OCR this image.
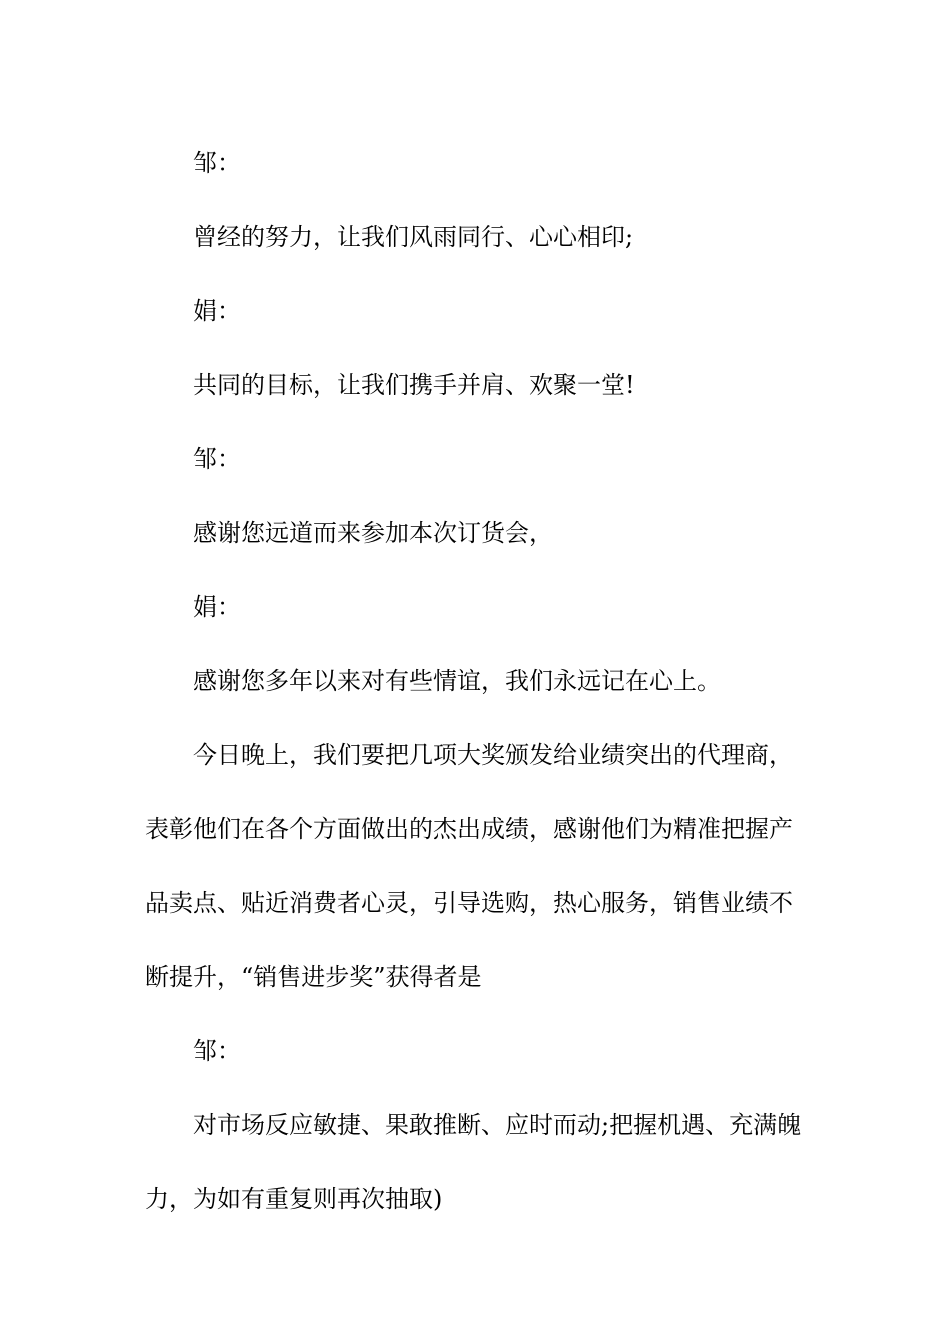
邹：

曾经的努力，让我们风雨同行、心心相印;

娟：

共同的目标，让我们携手并肩、欢聚一堂!

邹：

感谢您远道而来参加本次订货会，

娟：

感谢您多年以来对有些情谊，我们永远记在心上。

今日晚上，我们要把几项大奖颁发给业绩突出的代理商，表彰他们在各个方面做出的杰出成绩，感谢他们为精准把握产品卖点、贴近消费者心灵，引导选购，热心服务，销售业绩不断提升，“销售进步奖”获得者是

邹：

对市场反应敏捷、果敢推断、应时而动;把握机遇、充满魄力，为如有重复则再次抽取)
